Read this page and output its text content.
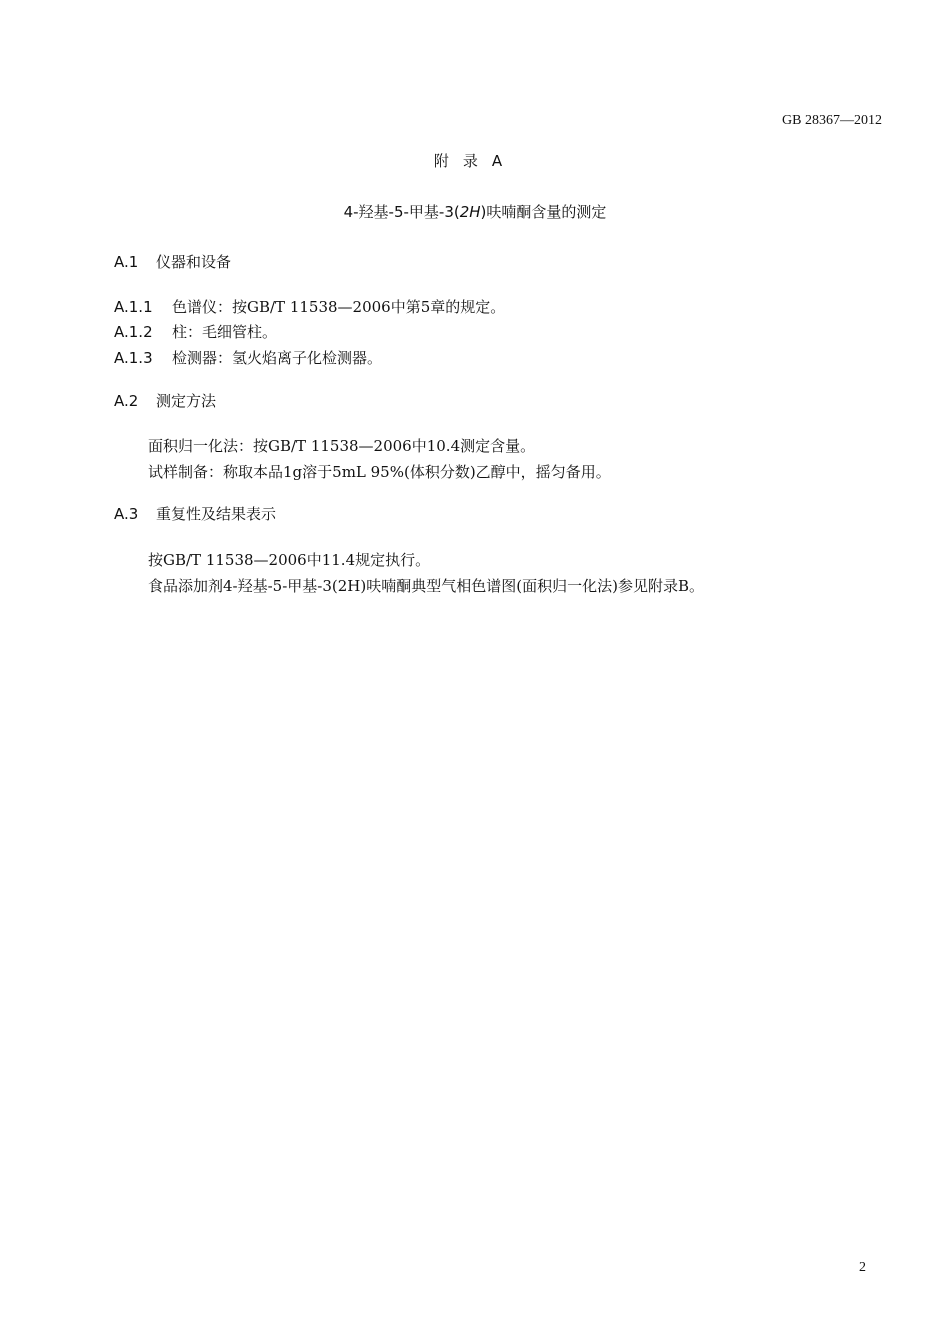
GB 28367—2012
附录A
4-羟基-5-甲基-3(2H)呋喃酮含量的测定
A.1 仪器和设备
A.1.1 色谱仪：按GB/T 11538—2006中第5章的规定。
A.1.2 柱：毛细管柱。
A.1.3 检测器：氢火焰离子化检测器。
A.2 测定方法
面积归一化法：按GB/T 11538—2006中10.4测定含量。
试样制备：称取本品1g溶于5mL 95%(体积分数)乙醇中，摇匀备用。
A.3 重复性及结果表示
按GB/T 11538—2006中11.4规定执行。
食品添加剂4-羟基-5-甲基-3(2H)呋喃酮典型气相色谱图(面积归一化法)参见附录B。
2
